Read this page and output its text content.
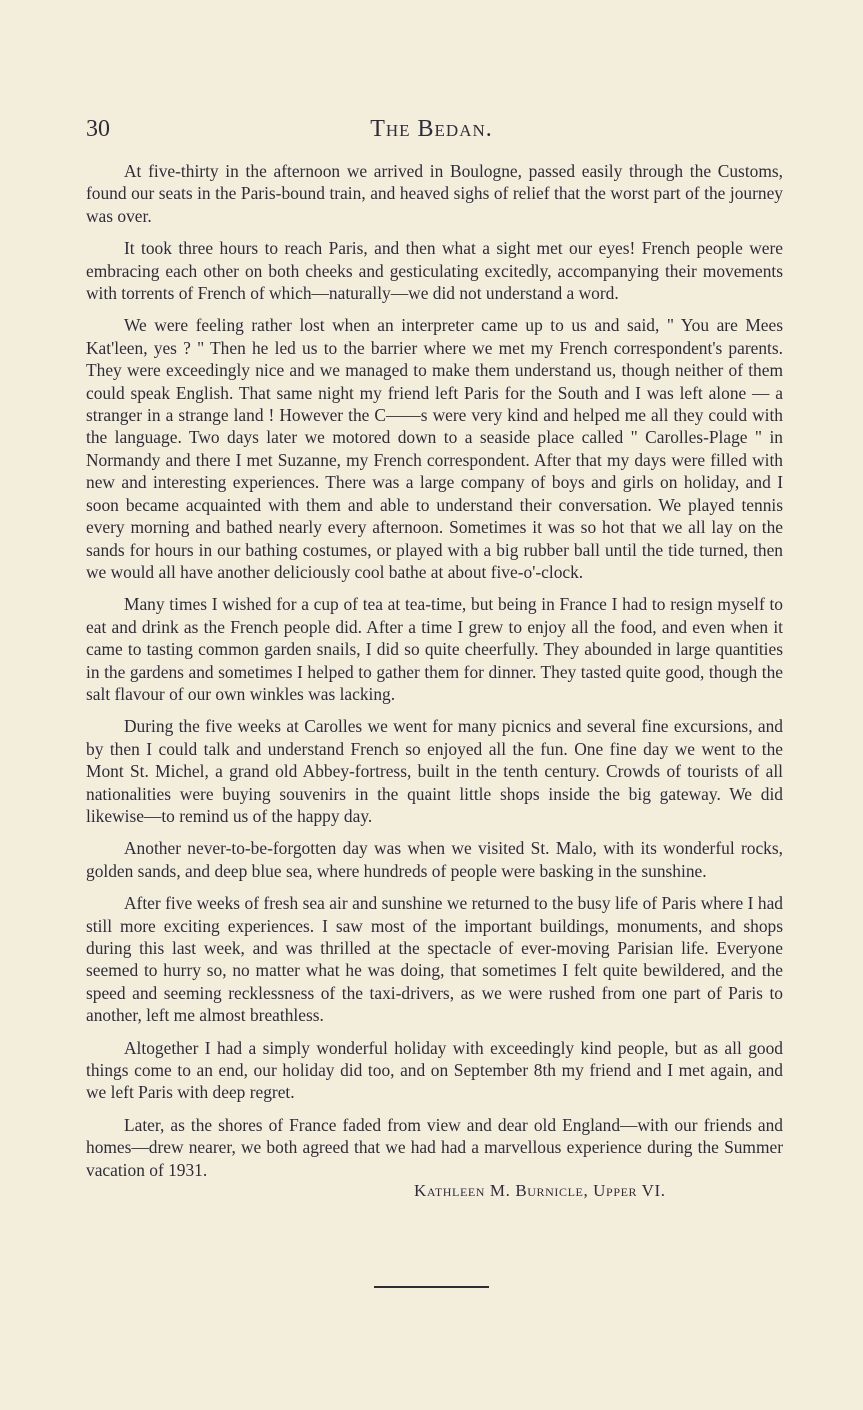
30	The Bedan.

At five-thirty in the afternoon we arrived in Boulogne, passed easily through the Customs, found our seats in the Paris-bound train, and heaved sighs of relief that the worst part of the journey was over.

It took three hours to reach Paris, and then what a sight met our eyes! French people were embracing each other on both cheeks and gesticulating excitedly, accompanying their movements with torrents of French of which—naturally—we did not understand a word.

We were feeling rather lost when an interpreter came up to us and said, " You are Mees Kat'leen, yes ? " Then he led us to the barrier where we met my French correspondent's parents. They were exceedingly nice and we managed to make them understand us, though neither of them could speak English. That same night my friend left Paris for the South and I was left alone — a stranger in a strange land ! However the C——s were very kind and helped me all they could with the language. Two days later we motored down to a seaside place called " Carolles-Plage " in Normandy and there I met Suzanne, my French correspondent. After that my days were filled with new and interesting experiences. There was a large company of boys and girls on holiday, and I soon became acquainted with them and able to understand their conversation. We played tennis every morning and bathed nearly every afternoon. Sometimes it was so hot that we all lay on the sands for hours in our bathing costumes, or played with a big rubber ball until the tide turned, then we would all have another deliciously cool bathe at about five-o'-clock.

Many times I wished for a cup of tea at tea-time, but being in France I had to resign myself to eat and drink as the French people did. After a time I grew to enjoy all the food, and even when it came to tasting common garden snails, I did so quite cheerfully. They abounded in large quantities in the gardens and sometimes I helped to gather them for dinner. They tasted quite good, though the salt flavour of our own winkles was lacking.

During the five weeks at Carolles we went for many picnics and several fine excursions, and by then I could talk and understand French so enjoyed all the fun. One fine day we went to the Mont St. Michel, a grand old Abbey-fortress, built in the tenth century. Crowds of tourists of all nationalities were buying souvenirs in the quaint little shops inside the big gateway. We did likewise—to remind us of the happy day.

Another never-to-be-forgotten day was when we visited St. Malo, with its wonderful rocks, golden sands, and deep blue sea, where hundreds of people were basking in the sunshine.

After five weeks of fresh sea air and sunshine we returned to the busy life of Paris where I had still more exciting experiences. I saw most of the important buildings, monuments, and shops during this last week, and was thrilled at the spectacle of ever-moving Parisian life. Everyone seemed to hurry so, no matter what he was doing, that sometimes I felt quite bewildered, and the speed and seeming recklessness of the taxi-drivers, as we were rushed from one part of Paris to another, left me almost breathless.

Altogether I had a simply wonderful holiday with exceedingly kind people, but as all good things come to an end, our holiday did too, and on September 8th my friend and I met again, and we left Paris with deep regret.

Later, as the shores of France faded from view and dear old England—with our friends and homes—drew nearer, we both agreed that we had had a marvellous experience during the Summer vacation of 1931.

Kathleen M. Burnicle, Upper VI.
